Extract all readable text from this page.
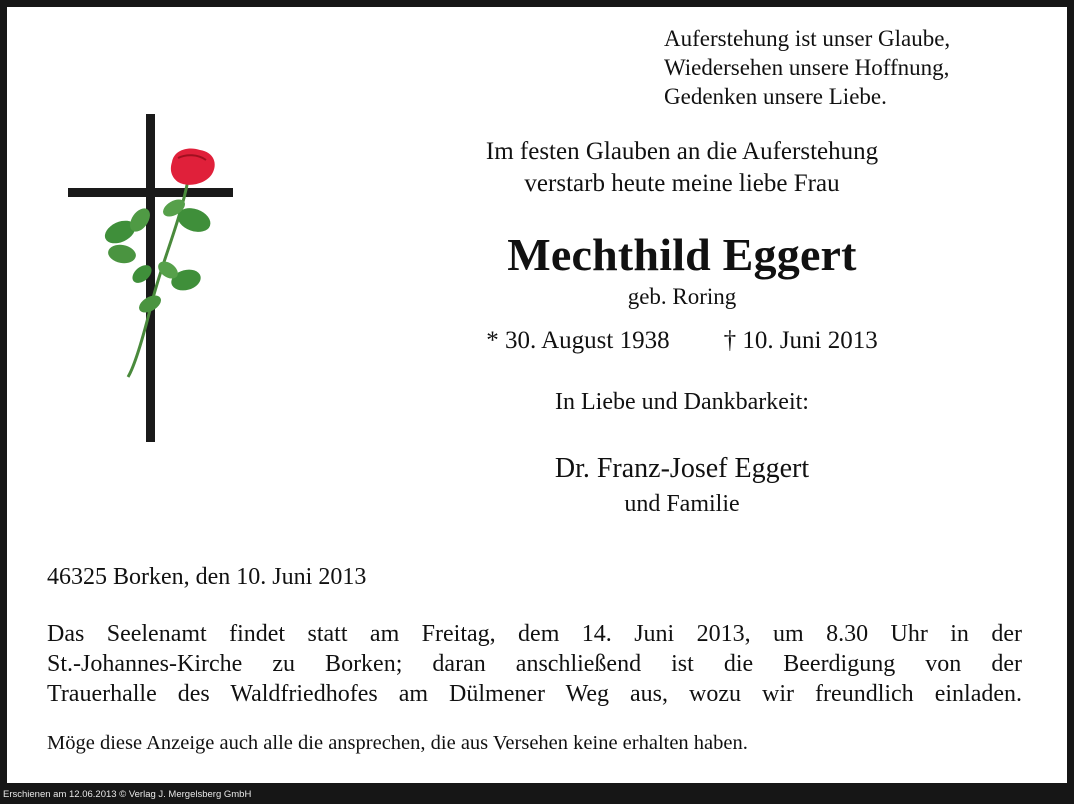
Auferstehung ist unser Glaube,
Wiedersehen unsere Hoffnung,
Gedenken unsere Liebe.
Im festen Glauben an die Auferstehung
verstarb heute meine liebe Frau
Mechthild Eggert
geb. Roring
* 30. August 1938 † 10. Juni 2013
In Liebe und Dankbarkeit:
Dr. Franz-Josef Eggert
und Familie
46325 Borken, den 10. Juni 2013
Das Seelenamt findet statt am Freitag, dem 14. Juni 2013, um 8.30 Uhr in der
St.-Johannes-Kirche zu Borken; daran anschließend ist die Beerdigung von der
Trauerhalle des Waldfriedhofes am Dülmener Weg aus, wozu wir freundlich einladen.
Möge diese Anzeige auch alle die ansprechen, die aus Versehen keine erhalten haben.
Erschienen am 12.06.2013 © Verlag J. Mergelsberg GmbH
